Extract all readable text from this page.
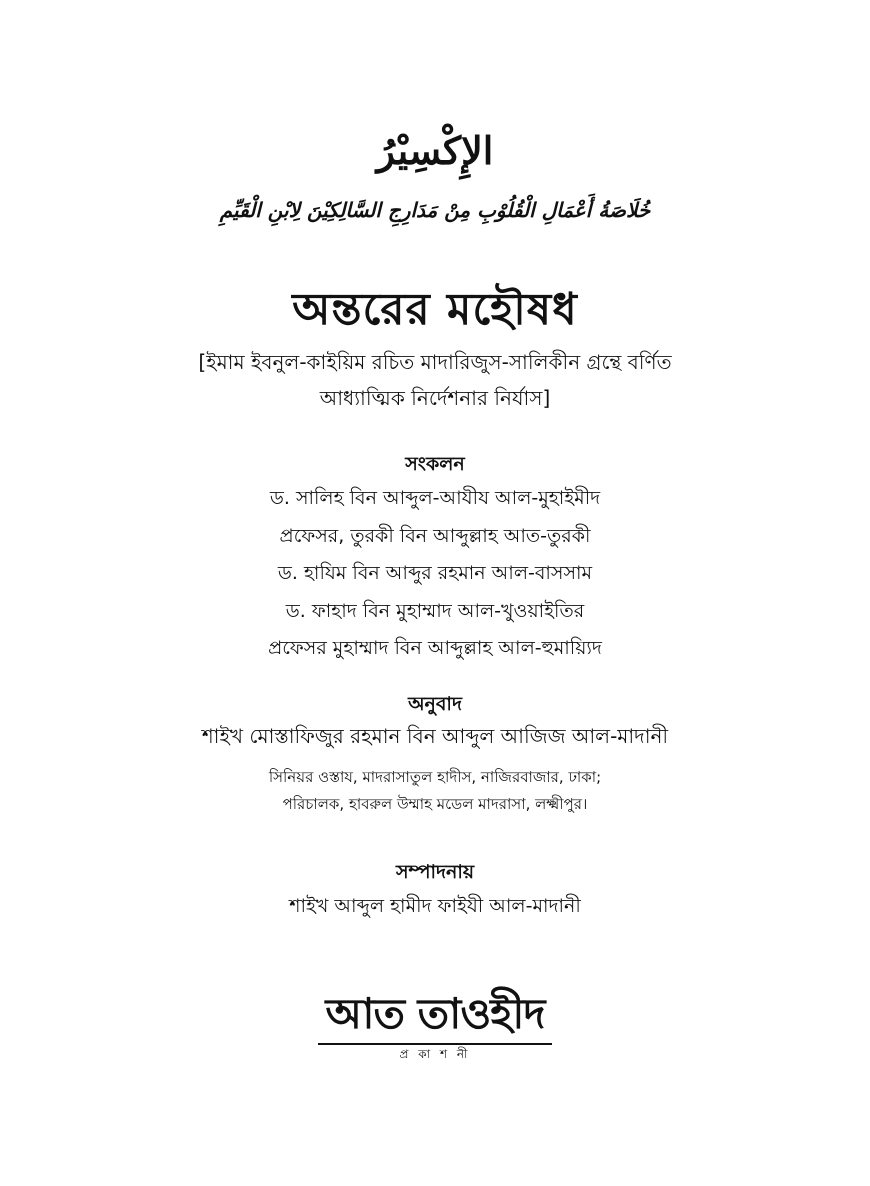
الإِكْسِيْرُ
خُلَاصَةُ أَعْمَالِ الْقُلُوْبِ مِنْ مَدَارِجِ السَّالِكِيْنَ لِابْنِ الْقَيِّمِ
অন্তরের মহৌষধ
[ইমাম ইবনুল-কাইয়িম রচিত মাদারিজুস-সালিকীন গ্রন্থে বর্ণিত
আধ্যাত্মিক নির্দেশনার নির্যাস]
সংকলন
ড. সালিহ বিন আব্দুল-আযীয আল-মুহাইমীদ
প্রফেসর, তুরকী বিন আব্দুল্লাহ আত-তুরকী
ড. হাযিম বিন আব্দুর রহমান আল-বাসসাম
ড. ফাহাদ বিন মুহাম্মাদ আল-খুওয়াইতির
প্রফেসর মুহাম্মাদ বিন আব্দুল্লাহ আল-হুমায়্যিদ
অনুবাদ
শাইখ মোস্তাফিজুর রহমান বিন আব্দুল আজিজ আল-মাদানী
সিনিয়র ওস্তায, মাদরাসাতুল হাদীস, নাজিরবাজার, ঢাকা;
পরিচালক, হাবরুল উম্মাহ মডেল মাদরাসা, লক্ষ্মীপুর।
সম্পাদনায়
শাইখ আব্দুল হামীদ ফাইযী আল-মাদানী
আত তাওহীদ
প্র কা শ নী
